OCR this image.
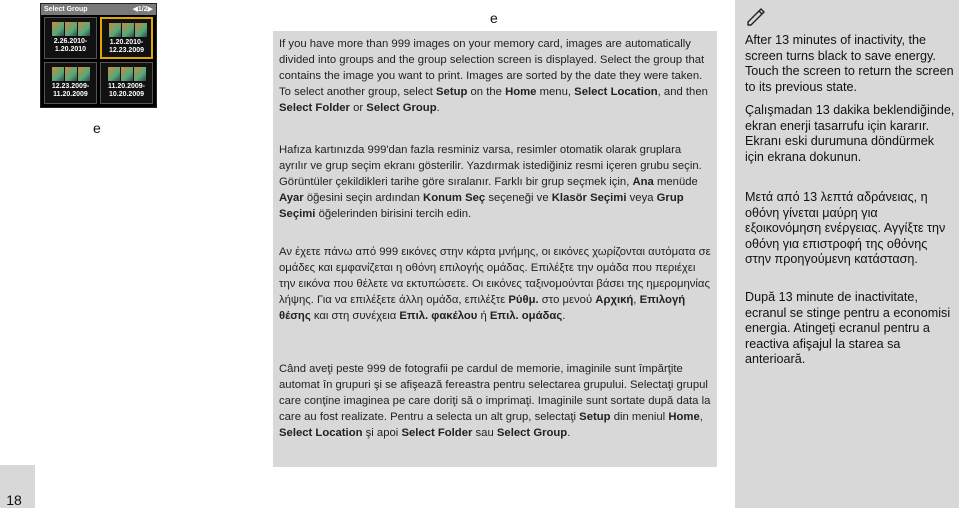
Select Group	◀1/2▶
2.26.2010-
1.20.2010
1.20.2010-
12.23.2009
12.23.2009-
11.20.2009
11.20.2009-
10.20.2009
e
e
If you have more than 999 images on your memory card, images are automatically divided into groups and the group selection screen is displayed. Select the group that contains the image you want to print. Images are sorted by the date they were taken. To select another group, select Setup on the Home menu, Select Location, and then Select Folder or Select Group.
Hafıza kartınızda 999'dan fazla resminiz varsa, resimler otomatik olarak gruplara ayrılır ve grup seçim ekranı gösterilir. Yazdırmak istediğiniz resmi içeren grubu seçin. Görüntüler çekildikleri tarihe göre sıralanır. Farklı bir grup seçmek için, Ana menüde Ayar öğesini seçin ardından Konum Seç seçeneği ve Klasör Seçimi veya Grup Seçimi öğelerinden birisini tercih edin.
Αν έχετε πάνω από 999 εικόνες στην κάρτα μνήμης, οι εικόνες χωρίζονται αυτόματα σε ομάδες και εμφανίζεται η οθόνη επιλογής ομάδας. Επιλέξτε την ομάδα που περιέχει την εικόνα που θέλετε να εκτυπώσετε. Οι εικόνες ταξινομούνται βάσει της ημερομηνίας λήψης. Για να επιλέξετε άλλη ομάδα, επιλέξτε Ρύθμ. στο μενού Αρχική, Επιλογή θέσης και στη συνέχεια Επιλ. φακέλου ή Επιλ. ομάδας.
Când aveţi peste 999 de fotografii pe cardul de memorie, imaginile sunt împărţite automat în grupuri şi se afişează fereastra pentru selectarea grupului. Selectaţi grupul care conţine imaginea pe care doriţi să o imprimaţi. Imaginile sunt sortate după data la care au fost realizate. Pentru a selecta un alt grup, selectaţi Setup din meniul Home, Select Location şi apoi Select Folder sau Select Group.
After 13 minutes of inactivity, the screen turns black to save energy. Touch the screen to return the screen to its previous state.
Çalışmadan 13 dakika beklendiğinde, ekran enerji tasarrufu için kararır. Ekranı eski durumuna döndürmek için ekrana dokunun.
Μετά από 13 λεπτά αδράνειας, η οθόνη γίνεται μαύρη για εξοικονόμηση ενέργειας. Αγγίξτε την οθόνη για επιστροφή της οθόνης στην προηγούμενη κατάσταση.
După 13 minute de inactivitate, ecranul se stinge pentru a economisi energia. Atingeţi ecranul pentru a reactiva afişajul la starea sa anterioară.
18
